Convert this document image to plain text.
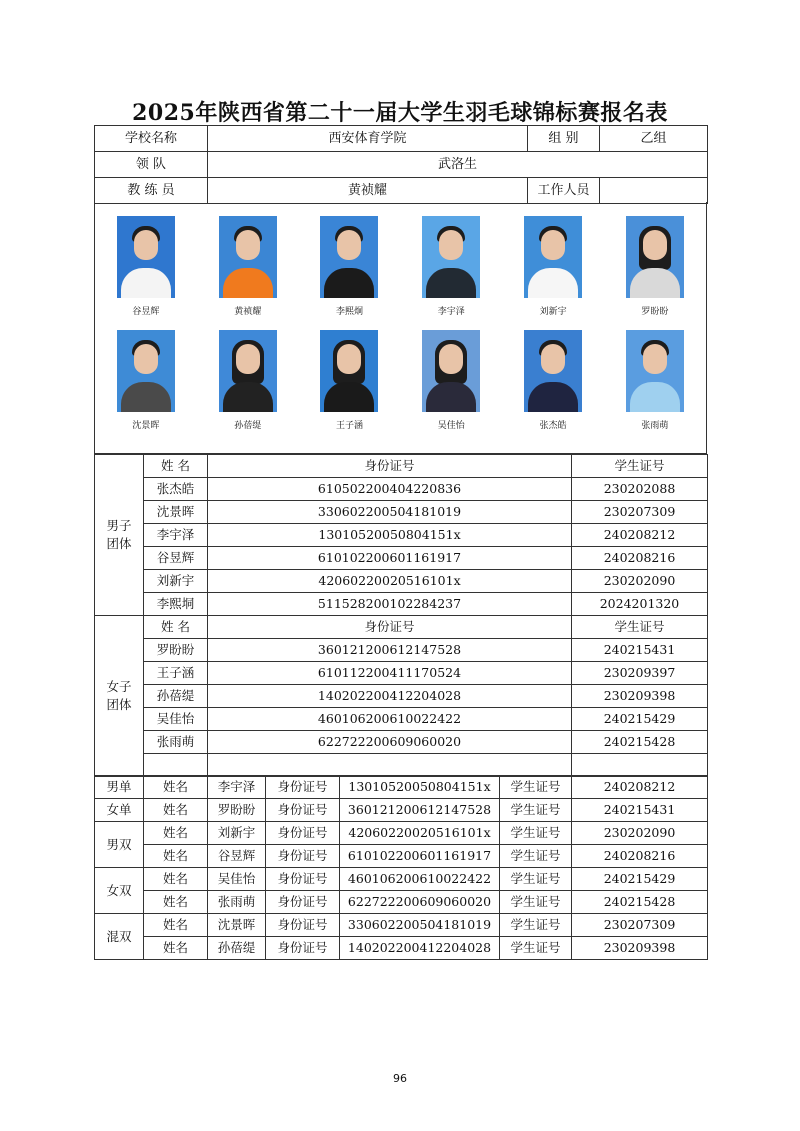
2025年陕西省第二十一届大学生羽毛球锦标赛报名表
学校名称	西安体育学院	组 别	乙组
领 队	武洛生		
教 练 员	黄祯耀	工作人员	
谷昱辉	黄祯耀	李熙炯	李宇泽	刘新宇	罗盼盼
沈景晖	孙蓓缇	王子涵	吴佳怡	张杰皓	张雨萌
男子
团体	姓 名	身份证号	学生证号
	张杰皓	610502200404220836	230202088
	沈景晖	330602200504181019	230207309
	李宇泽	13010520050804151x	240208212
	谷昱辉	610102200601161917	240208216
	刘新宇	42060220020516101x	230202090
	李熙垌	511528200102284237	2024201320
女子
团体	姓 名	身份证号	学生证号
	罗盼盼	360121200612147528	240215431
	王子涵	610112200411170524	230209397
	孙蓓缇	140202200412204028	230209398
	吴佳怡	460106200610022422	240215429
	张雨萌	622722200609060020	240215428

男单	姓名	李宇泽	身份证号	13010520050804151x	学生证号	240208212
女单	姓名	罗盼盼	身份证号	360121200612147528	学生证号	240215431
男双	姓名	刘新宇	身份证号	42060220020516101x	学生证号	230202090
	姓名	谷昱辉	身份证号	610102200601161917	学生证号	240208216
女双	姓名	吴佳怡	身份证号	460106200610022422	学生证号	240215429
	姓名	张雨萌	身份证号	622722200609060020	学生证号	240215428
混双	姓名	沈景晖	身份证号	330602200504181019	学生证号	230207309
	姓名	孙蓓缇	身份证号	140202200412204028	学生证号	230209398
96
